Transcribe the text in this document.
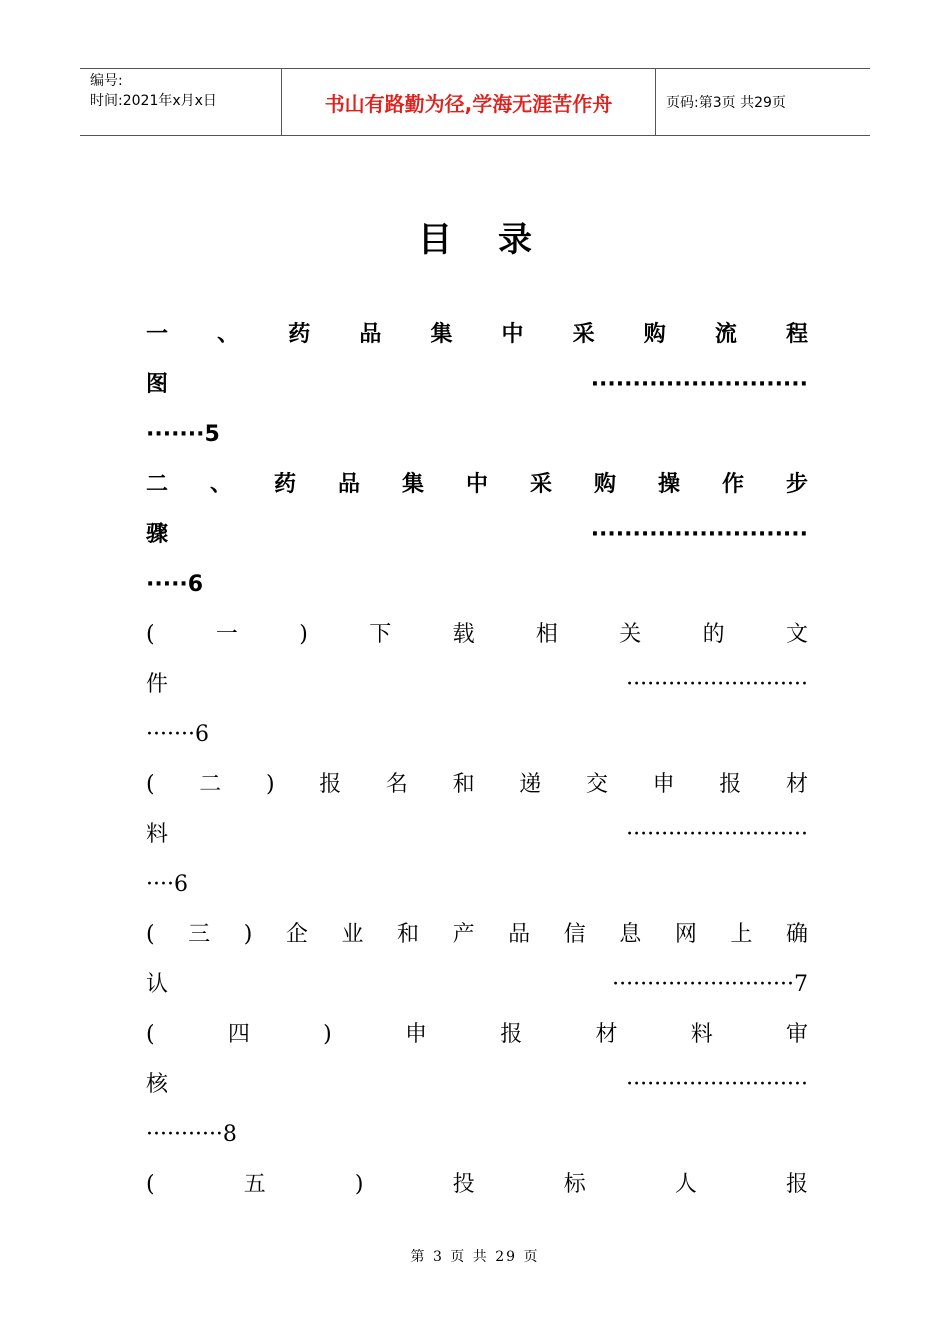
编号:
时间:2021年x月x日	书山有路勤为径,学海无涯苦作舟	页码:第3页 共29页
目录
一、药品集中采购流程
图··························
·······5
二、药品集中采购操作步
骤··························
·····6
(一)下载相关的文
件··························
·······6
(二)报名和递交申报材
料··························
····6
(三)企业和产品信息网上确
认··························7
(四)申报材料审
核··························
···········8
(五)投标人报
第 3 页 共 29 页
